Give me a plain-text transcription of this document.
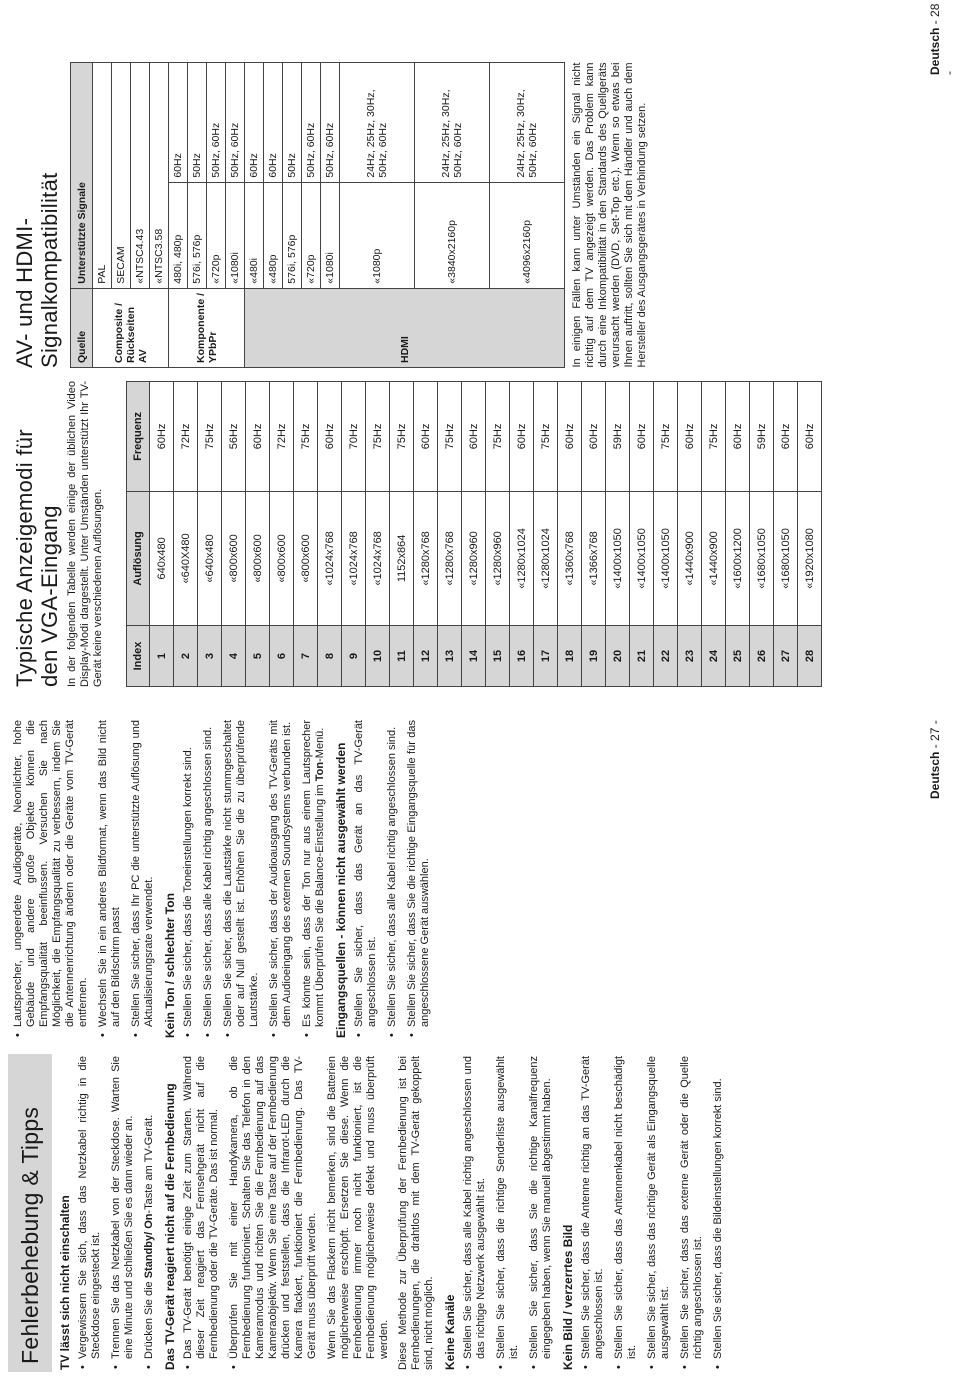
Fehlerbehebung & Tipps TV lässt sich nicht einschalten • Vergewissern Sie sich, dass das Netzkabel richtig in die Steckdose eingesteckt ist. • Trennen Sie das Netzkabel von der Steckdose. Warten Sie eine Minute und schließen Sie es dann wieder an. • Drücken Sie die Standby/ On-Taste am TV-Gerät. Das TV-Gerät reagiert nicht auf die Fernbedienung • Das TV-Gerät benötigt einige Zeit zum Starten. Während dieser Zeit reagiert das Fernsehgerät nicht auf die Fernbedienung oder die TV-Geräte. Das ist normal. • Überprüfen Sie mit einer Handykamera, ob die Fernbedienung funktioniert. Schalten Sie das Telefon in den Kameramodus und richten Sie die Fernbedienung auf das Kameraobjektiv. Wenn Sie eine Taste auf der Fernbedienung drücken und feststellen, dass die Infrarot-LED durch die Kamera flackert, funktioniert die Fernbedienung. Das TV-Gerät muss überprüft werden. Wenn Sie das Flackern nicht bemerken, sind die Batterien möglicherweise erschöpft. Ersetzen Sie diese. Wenn die Fernbedienung immer noch nicht funktioniert, ist die Fernbedienung möglicherweise defekt und muss überprüft werden. Diese Methode zur Überprüfung der Fernbedienung ist bei Fernbedienungen, die drahtlos mit dem TV-Gerät gekoppelt sind, nicht möglich. Keine Kanäle • Stellen Sie sicher, dass alle Kabel richtig angeschlossen und das richtige Netzwerk ausgewählt ist. • Stellen Sie sicher, dass die richtige Senderliste ausgewählt ist. • Stellen Sie sicher, dass Sie die richtige Kanalfrequenz eingegeben haben, wenn Sie manuell abgestimmt haben. Kein Bild / verzerrtes Bild • Stellen Sie sicher, dass die Antenne richtig an das TV-Gerät angeschlossen ist. • Stellen Sie sicher, dass das Antennenkabel nicht beschädigt ist. • Stellen Sie sicher, dass das richtige Gerät als Eingangsquelle ausgewählt ist. • Stellen Sie sicher, dass das externe Gerät oder die Quelle richtig angeschlossen ist. • Stellen Sie sicher, dass die Bildeinstellungen korrekt sind.
• Lautsprecher, ungeerdete Audiogeräte, Neonlichter, hohe Gebäude und andere große Objekte können die Empfangsqualität beeinflussen. Versuchen Sie nach Möglichkeit, die Empfangsqualität zu verbessern, indem Sie die Antennenrichtung ändern oder die Geräte vom TV-Gerät entfernen. • Wechseln Sie in ein anderes Bildformat, wenn das Bild nicht auf den Bildschirm passt • Stellen Sie sicher, dass Ihr PC die unterstützte Auflösung und Aktualisierungsrate verwendet. Kein Ton / schlechter Ton • Stellen Sie sicher, dass die Toneinstellungen korrekt sind. • Stellen Sie sicher, dass alle Kabel richtig angeschlossen sind. • Stellen Sie sicher, dass die Lautstärke nicht stummgeschaltet oder auf Null gestellt ist. Erhöhen Sie die zu überprüfende Lautstärke. • Stellen Sie sicher, dass der Audioausgang des TV-Geräts mit dem Audioeingang des externen Soundsystems verbunden ist. • Es könnte sein, dass der Ton nur aus einem Lautsprecher kommt Überprüfen Sie die Balance-Einstellung im Ton-Menü. Eingangsquellen - können nicht ausgewählt werden • Stellen Sie sicher, dass das Gerät an das TV-Gerät angeschlossen ist. • Stellen Sie sicher, dass alle Kabel richtig angeschlossen sind. • Stellen Sie sicher, dass Sie die richtige Eingangsquelle für das angeschlossene Gerät auswählen.
Deutsch - 27 -
Typische Anzeigemodi für den VGA-Eingang In der folgenden Tabelle werden einige der üblichen Video Display-Modi dargestellt. Unter Umständen unterstützt Ihr TV-Gerät keine verschiedenen Auflösungen.	Index	Auflösung	Frequenz
1	640x480	60Hz
2	«640X480	72Hz
3	«640x480	75Hz
4	«800x600	56Hz
5	«800x600	60Hz
6	«800x600	72Hz
7	«800x600	75Hz
8	«1024x768	60Hz
9	«1024x768	70Hz
10	«1024x768	75Hz
11	1152x864	75Hz
12	«1280x768	60Hz
13	«1280x768	75Hz
14	«1280x960	60Hz
15	«1280x960	75Hz
16	«1280x1024	60Hz
17	«1280x1024	75Hz
18	«1360x768	60Hz
19	«1366x768	60Hz
20	«1400x1050	59Hz
21	«1400x1050	60Hz
22	«1400x1050	75Hz
23	«1440x900	60Hz
24	«1440x900	75Hz
25	«1600x1200	60Hz
26	«1680x1050	59Hz
27	«1680x1050	60Hz
28	«1920x1080	60Hz
AV- und HDMI-Signalkompatibilität Quelle	Unterstützte Signale	
Composite / Rückseiten AV	PAL	
	SECAM	
	«NTSC4.43	
	«NTSC3.58	
Komponente / YPbPr	480i, 480p	60Hz
	576i, 576p	50Hz
	«720p	50Hz, 60Hz
	«1080i	50Hz, 60Hz
HDMI	«480i	60Hz
	«480p	60Hz
	576i, 576p	50Hz
	«720p	50Hz, 60Hz
	«1080i	50Hz, 60Hz
	«1080p	24Hz, 25Hz, 30Hz, 50Hz, 60Hz
	«3840x2160p	24Hz, 25Hz, 30Hz, 50Hz, 60Hz
	«4096x2160p	24Hz, 25Hz, 30Hz, 50Hz, 60Hz
In einigen Fällen kann unter Umständen ein Signal nicht richtig auf dem TV angezeigt werden. Das Problem kann durch eine Inkompatibilität in den Standards des Quellgeräts verursacht werden (DVD, Set-Top etc.). Wenn so etwas bei Ihnen auftritt, sollten Sie sich mit dem Händler und auch dem Hersteller des Ausgangsgerätes in Verbindung setzen.		
Deutsch - 28 -
